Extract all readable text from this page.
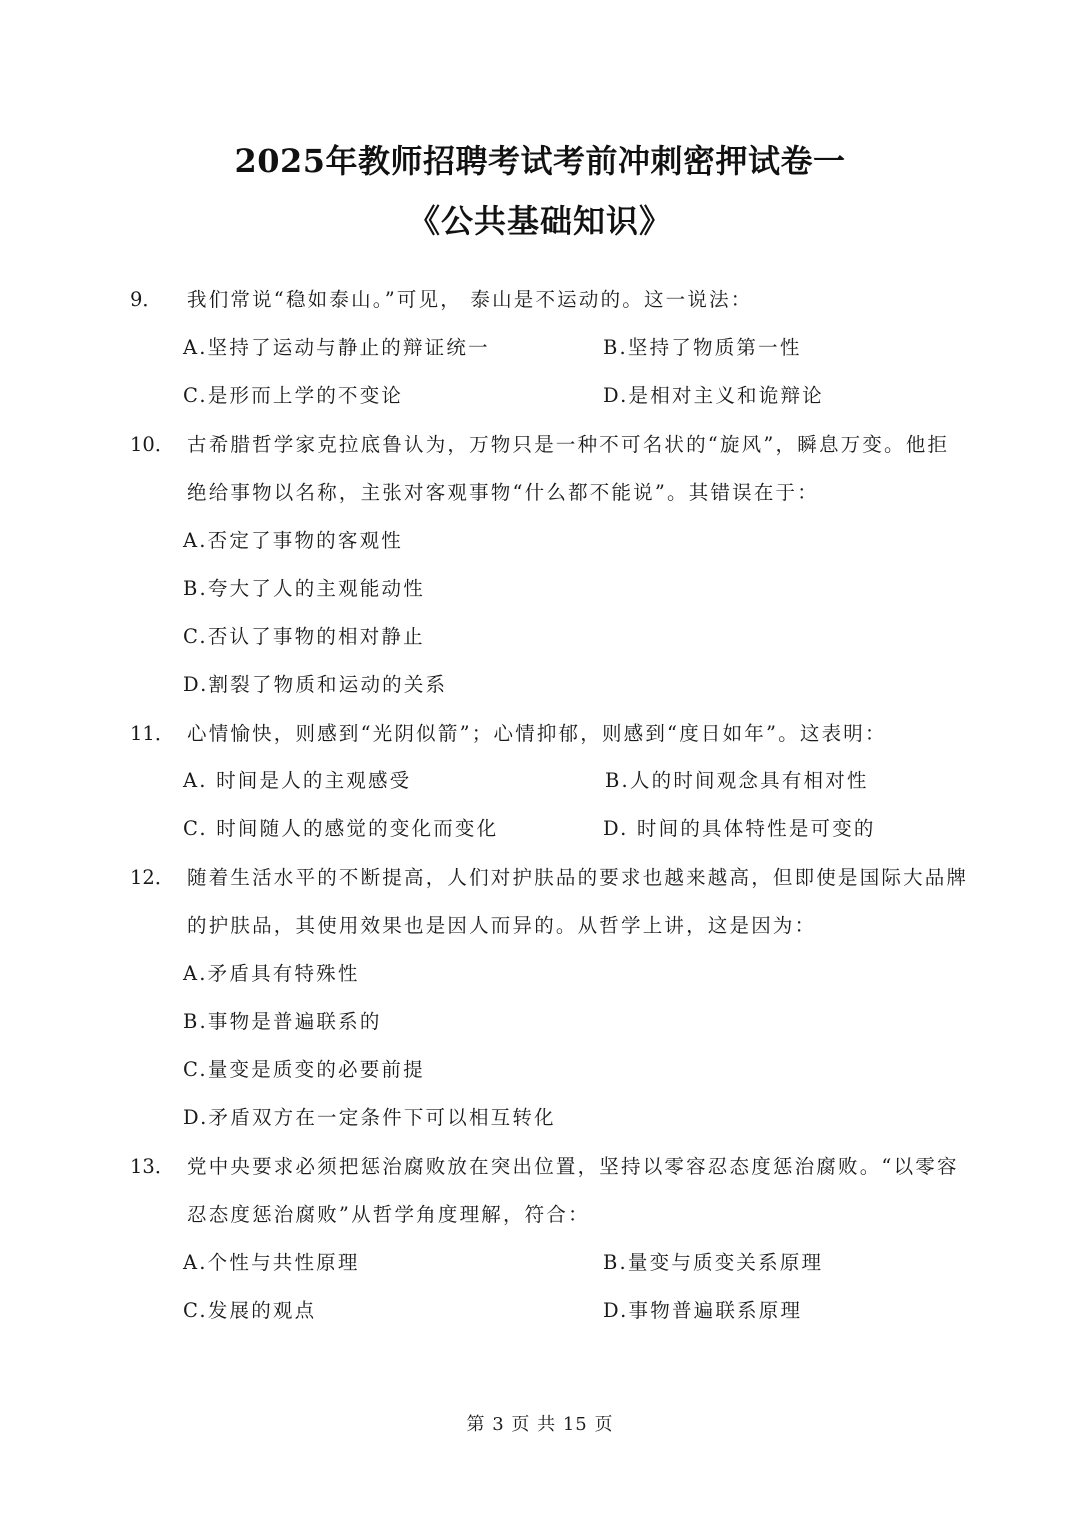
2025年教师招聘考试考前冲刺密押试卷一
《公共基础知识》
9． 我们常说“稳如泰山。”可见， 泰山是不运动的。这一说法：
A.坚持了运动与静止的辩证统一	B.坚持了物质第一性
C.是形而上学的不变论	D.是相对主义和诡辩论
10． 古希腊哲学家克拉底鲁认为，万物只是一种不可名状的“旋风”，瞬息万变。他拒
绝给事物以名称，主张对客观事物“什么都不能说”。其错误在于：
A.否定了事物的客观性
B.夸大了人的主观能动性
C.否认了事物的相对静止
D.割裂了物质和运动的关系
11． 心情愉快，则感到“光阴似箭”；心情抑郁，则感到“度日如年”。这表明：
A. 时间是人的主观感受	B.人的时间观念具有相对性
C. 时间随人的感觉的变化而变化	D. 时间的具体特性是可变的
12． 随着生活水平的不断提高，人们对护肤品的要求也越来越高，但即使是国际大品牌
的护肤品，其使用效果也是因人而异的。从哲学上讲，这是因为：
A.矛盾具有特殊性
B.事物是普遍联系的
C.量变是质变的必要前提
D.矛盾双方在一定条件下可以相互转化
13． 党中央要求必须把惩治腐败放在突出位置，坚持以零容忍态度惩治腐败。“以零容
忍态度惩治腐败”从哲学角度理解，符合：
A.个性与共性原理	B.量变与质变关系原理
C.发展的观点	D.事物普遍联系原理
第 3 页 共 15 页
